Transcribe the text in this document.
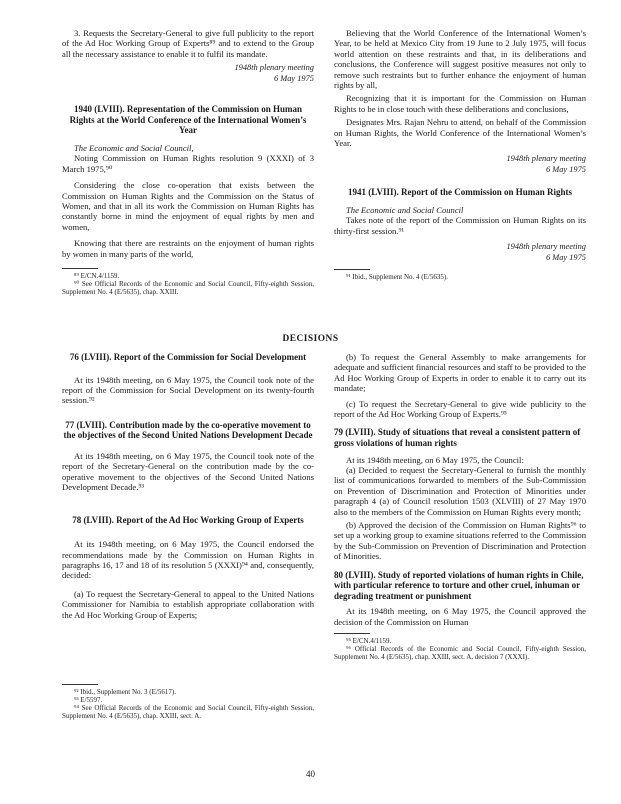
3. Requests the Secretary-General to give full publicity to the report of the Ad Hoc Working Group of Experts⁸⁹ and to extend to the Group all the necessary assistance to enable it to fulfil its mandate.

1948th plenary meeting
6 May 1975
1940 (LVIII). Representation of the Commission on Human Rights at the World Conference of the International Women’s Year

The Economic and Social Council,

Noting Commission on Human Rights resolution 9 (XXXI) of 3 March 1975,⁹⁰

Considering the close co-operation that exists between the Commission on Human Rights and the Commission on the Status of Women, and that in all its work the Commission on Human Rights has constantly borne in mind the enjoyment of equal rights by men and women,

Knowing that there are restraints on the enjoyment of human rights by women in many parts of the world,

⁸⁹ E/CN.4/1159.

⁹⁰ See Official Records of the Economic and Social Council, Fifty-eighth Session, Supplement No. 4 (E/5635), chap. XXIII.

Believing that the World Conference of the International Women’s Year, to be held at Mexico City from 19 June to 2 July 1975, will focus world attention on these restraints and that, in its deliberations and conclusions, the Conference will suggest positive measures not only to remove such restraints but to further enhance the enjoyment of human rights by all,

Recognizing that it is important for the Commission on Human Rights to be in close touch with these deliberations and conclusions,

Designates Mrs. Rajan Nehru to attend, on behalf of the Commission on Human Rights, the World Conference of the International Women’s Year.

1948th plenary meeting
6 May 1975
1941 (LVIII). Report of the Commission on Human Rights

The Economic and Social Council

Takes note of the report of the Commission on Human Rights on its thirty-first session.⁹¹

1948th plenary meeting
6 May 1975

⁹¹ Ibid., Supplement No. 4 (E/5635).

DECISIONS
76 (LVIII). Report of the Commission for Social Development

At its 1948th meeting, on 6 May 1975, the Council took note of the report of the Commission for Social Development on its twenty-fourth session.⁹²

77 (LVIII). Contribution made by the co-operative movement to the objectives of the Second United Nations Development Decade

At its 1948th meeting, on 6 May 1975, the Council took note of the report of the Secretary-General on the contribution made by the co-operative movement to the objectives of the Second United Nations Development Decade.⁹³

78 (LVIII). Report of the Ad Hoc Working Group of Experts

At its 1948th meeting, on 6 May 1975, the Council endorsed the recommendations made by the Commission on Human Rights in paragraphs 16, 17 and 18 of its resolution 5 (XXXI)⁹⁴ and, consequently, decided:

(a) To request the Secretary-General to appeal to the United Nations Commissioner for Namibia to establish appropriate collaboration with the Ad Hoc Working Group of Experts;

⁹² Ibid., Supplement No. 3 (E/5617).

⁹³ E/5597.

⁹⁴ See Official Records of the Economic and Social Council, Fifty-eighth Session, Supplement No. 4 (E/5635), chap. XXIII, sect. A.

(b) To request the General Assembly to make arrangements for adequate and sufficient financial resources and staff to be provided to the Ad Hoc Working Group of Experts in order to enable it to carry out its mandate;

(c) To request the Secretary-General to give wide publicity to the report of the Ad Hoc Working Group of Experts.⁹⁵

79 (LVIII). Study of situations that reveal a consistent pattern of gross violations of human rights

At its 1948th meeting, on 6 May 1975, the Council:

(a) Decided to request the Secretary-General to furnish the monthly list of communications forwarded to members of the Sub-Commission on Prevention of Discrimination and Protection of Minorities under paragraph 4 (a) of Council resolution 1503 (XLVIII) of 27 May 1970 also to the members of the Commission on Human Rights every month;

(b) Approved the decision of the Commission on Human Rights⁹⁶ to set up a working group to examine situations referred to the Commission by the Sub-Commission on Prevention of Discrimination and Protection of Minorities.

80 (LVIII). Study of reported violations of human rights in Chile, with particular reference to torture and other cruel, inhuman or degrading treatment or punishment

At its 1948th meeting, on 6 May 1975, the Council approved the decision of the Commission on Human

⁹⁵ E/CN.4/1159.

⁹⁶ Official Records of the Economic and Social Council, Fifty-eighth Session, Supplement No. 4 (E/5635), chap. XXIII, sect. A, decision 7 (XXXI).

40
